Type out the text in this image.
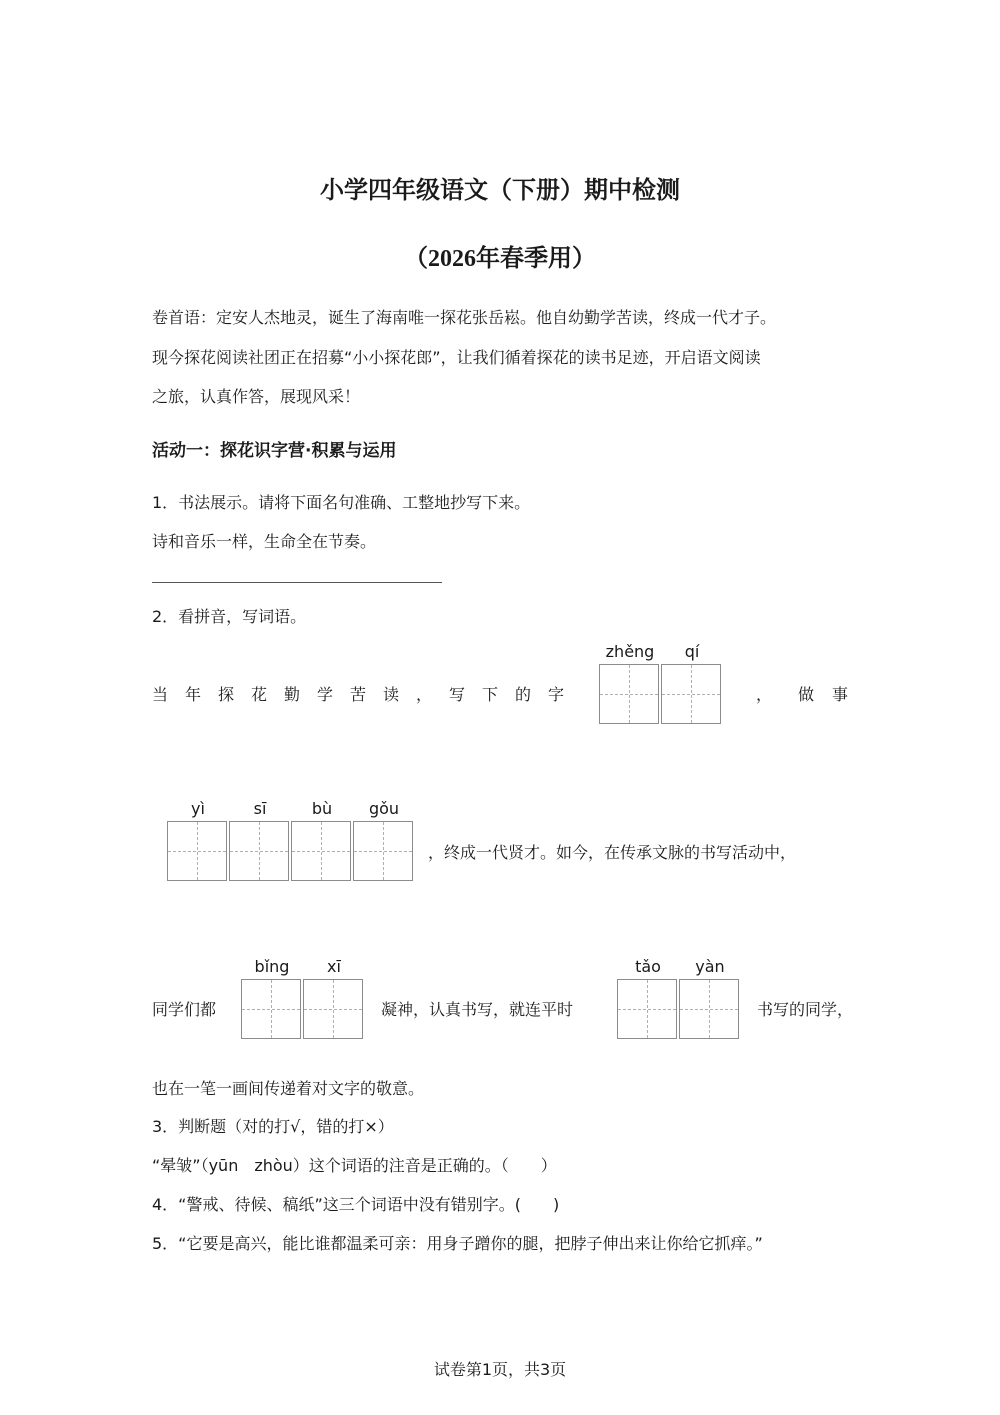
小学四年级语文（下册）期中检测
（2026年春季用）
卷首语：定安人杰地灵，诞生了海南唯一探花张岳崧。他自幼勤学苦读，终成一代才子。
现今探花阅读社团正在招募“小小探花郎”，让我们循着探花的读书足迹，开启语文阅读
之旅，认真作答，展现风采！
活动一：探花识字营·积累与运用
1．书法展示。请将下面名句准确、工整地抄写下来。
诗和音乐一样，生命全在节奏。
2．看拼音，写词语。
当 年 探 花 勤 学 苦 读 ， 写 下 的 字	， 做 事
zhěng	qí
yì	sī	bù	gǒu
，终成一代贤才。如今，在传承文脉的书写活动中，
同学们都
bǐng	xī
凝神，认真书写，就连平时
tǎo	yàn
书写的同学，
也在一笔一画间传递着对文字的敬意。
3．判断题（对的打√，错的打×）
“晕皱”（yūn　zhòu）这个词语的注音是正确的。（　　）
4．“警戒、待候、稿纸”这三个词语中没有错别字。(　　)
5．“它要是高兴，能比谁都温柔可亲：用身子蹭你的腿，把脖子伸出来让你给它抓痒。”
试卷第1页，共3页
